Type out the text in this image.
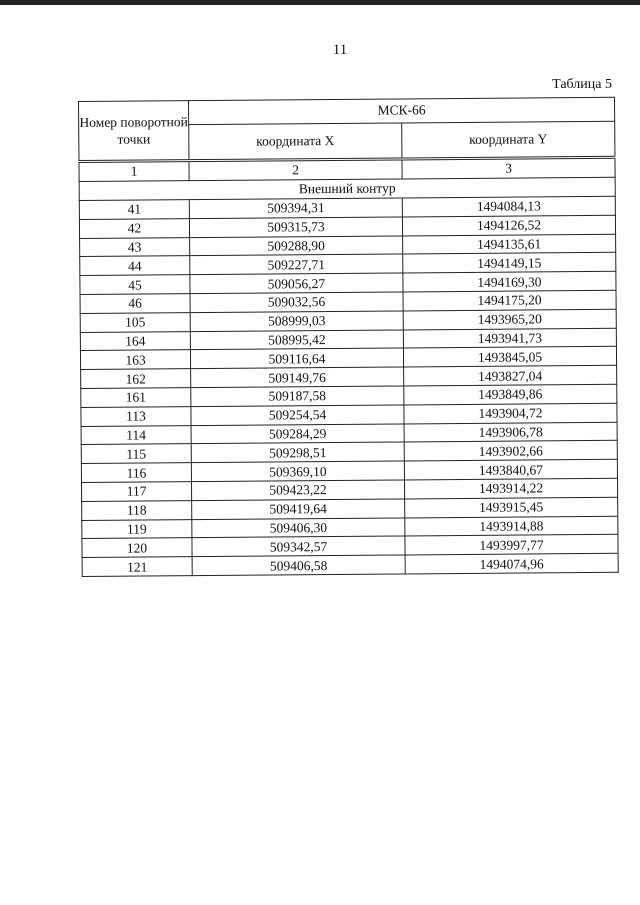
11
Таблица 5
Номер поворотной точки	МСК-66	
	координата X	координата Y
1	2	3
Внешний контур		
41	509394,31	1494084,13
42	509315,73	1494126,52
43	509288,90	1494135,61
44	509227,71	1494149,15
45	509056,27	1494169,30
46	509032,56	1494175,20
105	508999,03	1493965,20
164	508995,42	1493941,73
163	509116,64	1493845,05
162	509149,76	1493827,04
161	509187,58	1493849,86
113	509254,54	1493904,72
114	509284,29	1493906,78
115	509298,51	1493902,66
116	509369,10	1493840,67
117	509423,22	1493914,22
118	509419,64	1493915,45
119	509406,30	1493914,88
120	509342,57	1493997,77
121	509406,58	1494074,96
